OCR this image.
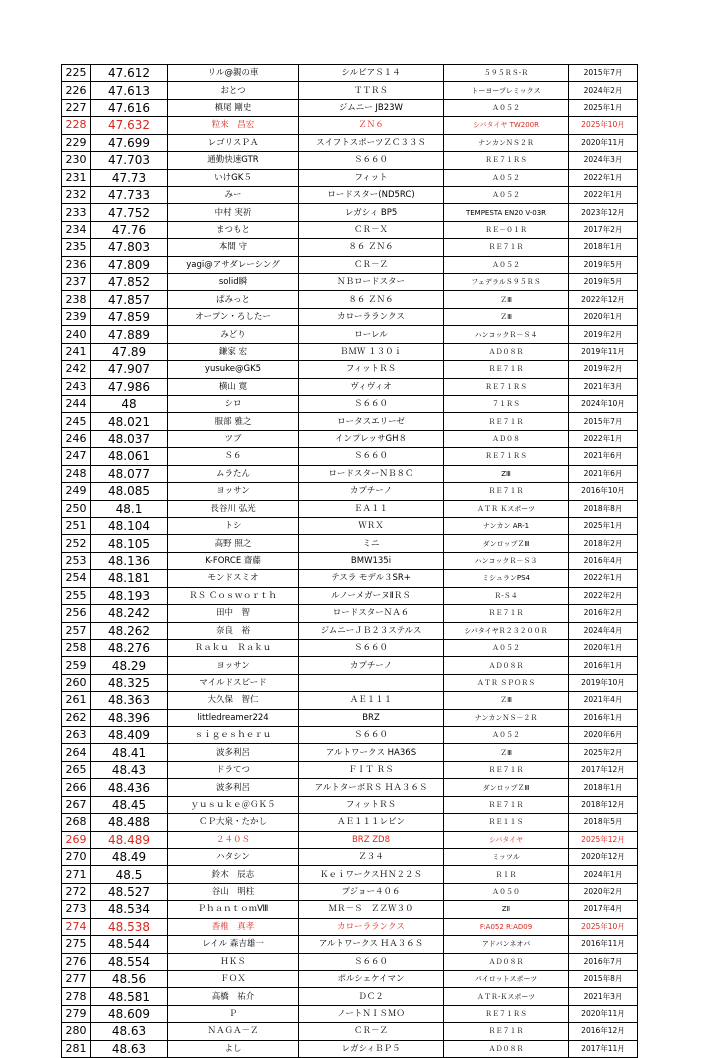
225	47.612	リル@親の車	シルビアＳ１４	５９５ＲＳ-Ｒ	2015年7月
226	47.613	おとつ	ＴＴＲＳ	トーヨープレミックス	2024年2月
227	47.616	槙尾 剛史	ジムニー JB23W	Ａ０５２	2025年1月
228	47.632	粒来　昌宏	ＺＮ６	シバタイヤ TW200R	2025年10月
229	47.699	レゴリスＰＡ	スイフトスポーツＺＣ３３Ｓ	ナンカンＮＳ２Ｒ	2020年11月
230	47.703	通勤快速GTR	Ｓ６６０	ＲＥ７１ＲＳ	2024年3月
231	47.73	いけGK５	フィット	Ａ０５２	2022年1月
232	47.733	みー	ロードスター(ND5RC)	Ａ０５２	2022年1月
233	47.752	中村 実祈	レガシィ BP5	TEMPESTA EN20 V-03R	2023年12月
234	47.76	まつもと	ＣＲ－Ｘ	ＲＥ－０１Ｒ	2017年2月
235	47.803	本間 守	８６ ＺＮ６	ＲＥ７１Ｒ	2018年1月
236	47.809	yagi@アサダレーシング	ＣＲ－Ｚ	Ａ０５２	2019年5月
237	47.852	solid瞬	ＮＢロードスター	フェデラルＳ９５ＲＳ	2019年5月
238	47.857	ぱみっと	８６ ＺＮ６	ＺⅢ	2022年12月
239	47.859	オープン・ろしたー	カローラランクス	ＺⅢ	2020年1月
240	47.889	みどり	ローレル	ハンコックＲ－Ｓ４	2019年2月
241	47.89	鎌家 宏	ＢＭＷ １３０ｉ	ＡＤ０８Ｒ	2019年11月
242	47.907	yusuke@GK5	フィットＲＳ	ＲＥ７１Ｒ	2019年2月
243	47.986	横山 寛	ヴィヴィオ	ＲＥ７１ＲＳ	2021年3月
244	48	シロ	Ｓ６６０	７１ＲＳ	2024年10月
245	48.021	服部 雅之	ロータスエリーゼ	ＲＥ７１Ｒ	2015年7月
246	48.037	ツブ	インプレッサGH８	ＡＤ０８	2022年1月
247	48.061	Ｓ６	Ｓ６６０	ＲＥ７１ＲＳ	2021年6月
248	48.077	ムラたん	ロードスターＮＢ８Ｃ	ZⅢ	2021年6月
249	48.085	ヨッサン	カプチーノ	ＲＥ７１Ｒ	2016年10月
250	48.1	長谷川 弘光	ＥＡ１１	ＡＴＲ Ｋスポーツ	2018年8月
251	48.104	トシ	ＷＲＸ	ナンカン AR-1	2025年1月
252	48.105	高野 照之	ミニ	ダンロップＺⅢ	2018年2月
253	48.136	K-FORCE 齋藤	BMW135i	ハンコックＲ－Ｓ３	2016年4月
254	48.181	モンドスミオ	テスラ モデル３SR+	ミシュランPS4	2022年1月
255	48.193	ＲＳ Ｃｏｓｗｏｒｔｈ	ルノーメガーヌⅡＲＳ	Ｒ-Ｓ４	2022年2月
256	48.242	田中　智	ロードスターＮＡ６	ＲＥ７１Ｒ	2016年2月
257	48.262	奈良　裕	ジムニーＪＢ２３ステルス	シバタイヤＲ２３２００Ｒ	2024年4月
258	48.276	Ｒａｋｕ　Ｒａｋｕ	Ｓ６６０	Ａ０５２	2020年1月
259	48.29	ヨッサン	カプチーノ	ＡＤ０８Ｒ	2016年1月
260	48.325	マイルドスピード		ＡＴＲ ＳＰＯＲＳ	2019年10月
261	48.363	大久保　智仁	ＡＥ１１１	ＺⅢ	2021年4月
262	48.396	littledreamer224	BRZ	ナンカンＮＳ－２Ｒ	2016年1月
263	48.409	ｓｉｇｅｓｈｅｒｕ	Ｓ６６０	Ａ０５２	2020年6月
264	48.41	波多利呂	アルトワークス HA36S	ＺⅢ	2025年2月
265	48.43	ドラてつ	ＦＩＴ ＲＳ	ＲＥ７１Ｒ	2017年12月
266	48.436	波多利呂	アルトターボＲＳ ＨＡ３６Ｓ	ダンロップＺⅢ	2018年1月
267	48.45	ｙｕｓｕｋｅ＠ＧＫ５	フィットＲＳ	ＲＥ７１Ｒ	2018年12月
268	48.488	ＣＰ大泉・たかし	ＡＥ１１１レビン	ＲＥ１１Ｓ	2018年5月
269	48.489	２４０Ｓ	BRZ ZD8	シバタイヤ	2025年12月
270	48.49	ハタシン	Ｚ３４	ミッツル	2020年12月
271	48.5	鈴木　辰志	ＫｅｉワークスＨＮ２２Ｓ	ＲＩＲ	2024年1月
272	48.527	谷山　明柱	プジョー４０６	Ａ０５０	2020年2月
273	48.534	ＰｈａｎｔｏｍⅧ	ＭＲ－Ｓ　ＺＺＷ３０	ZⅡ	2017年4月
274	48.538	香椎　真孝	カローラランクス	F:A052 R:AD09	2025年10月
275	48.544	レイル 森吉雄一	アルトワークス ＨＡ３６Ｓ	アドバンネオバ	2016年11月
276	48.554	ＨＫＳ	Ｓ６６０	ＡＤ０８Ｒ	2016年7月
277	48.56	ＦＯＸ	ポルシェケイマン	パイロットスポーツ	2015年8月
278	48.581	高橋　祐介	ＤＣ２	ＡＴＲ-Ｋスポーツ	2021年3月
279	48.609	Ｐ	ノートＮＩＳＭＯ	ＲＥ７１ＲＳ	2020年11月
280	48.63	ＮＡＧＡ－Ｚ	ＣＲ－Ｚ	ＲＥ７１Ｒ	2016年12月
281	48.63	よし	レガシィＢＰ５	ＡＤ０８Ｒ	2017年11月
